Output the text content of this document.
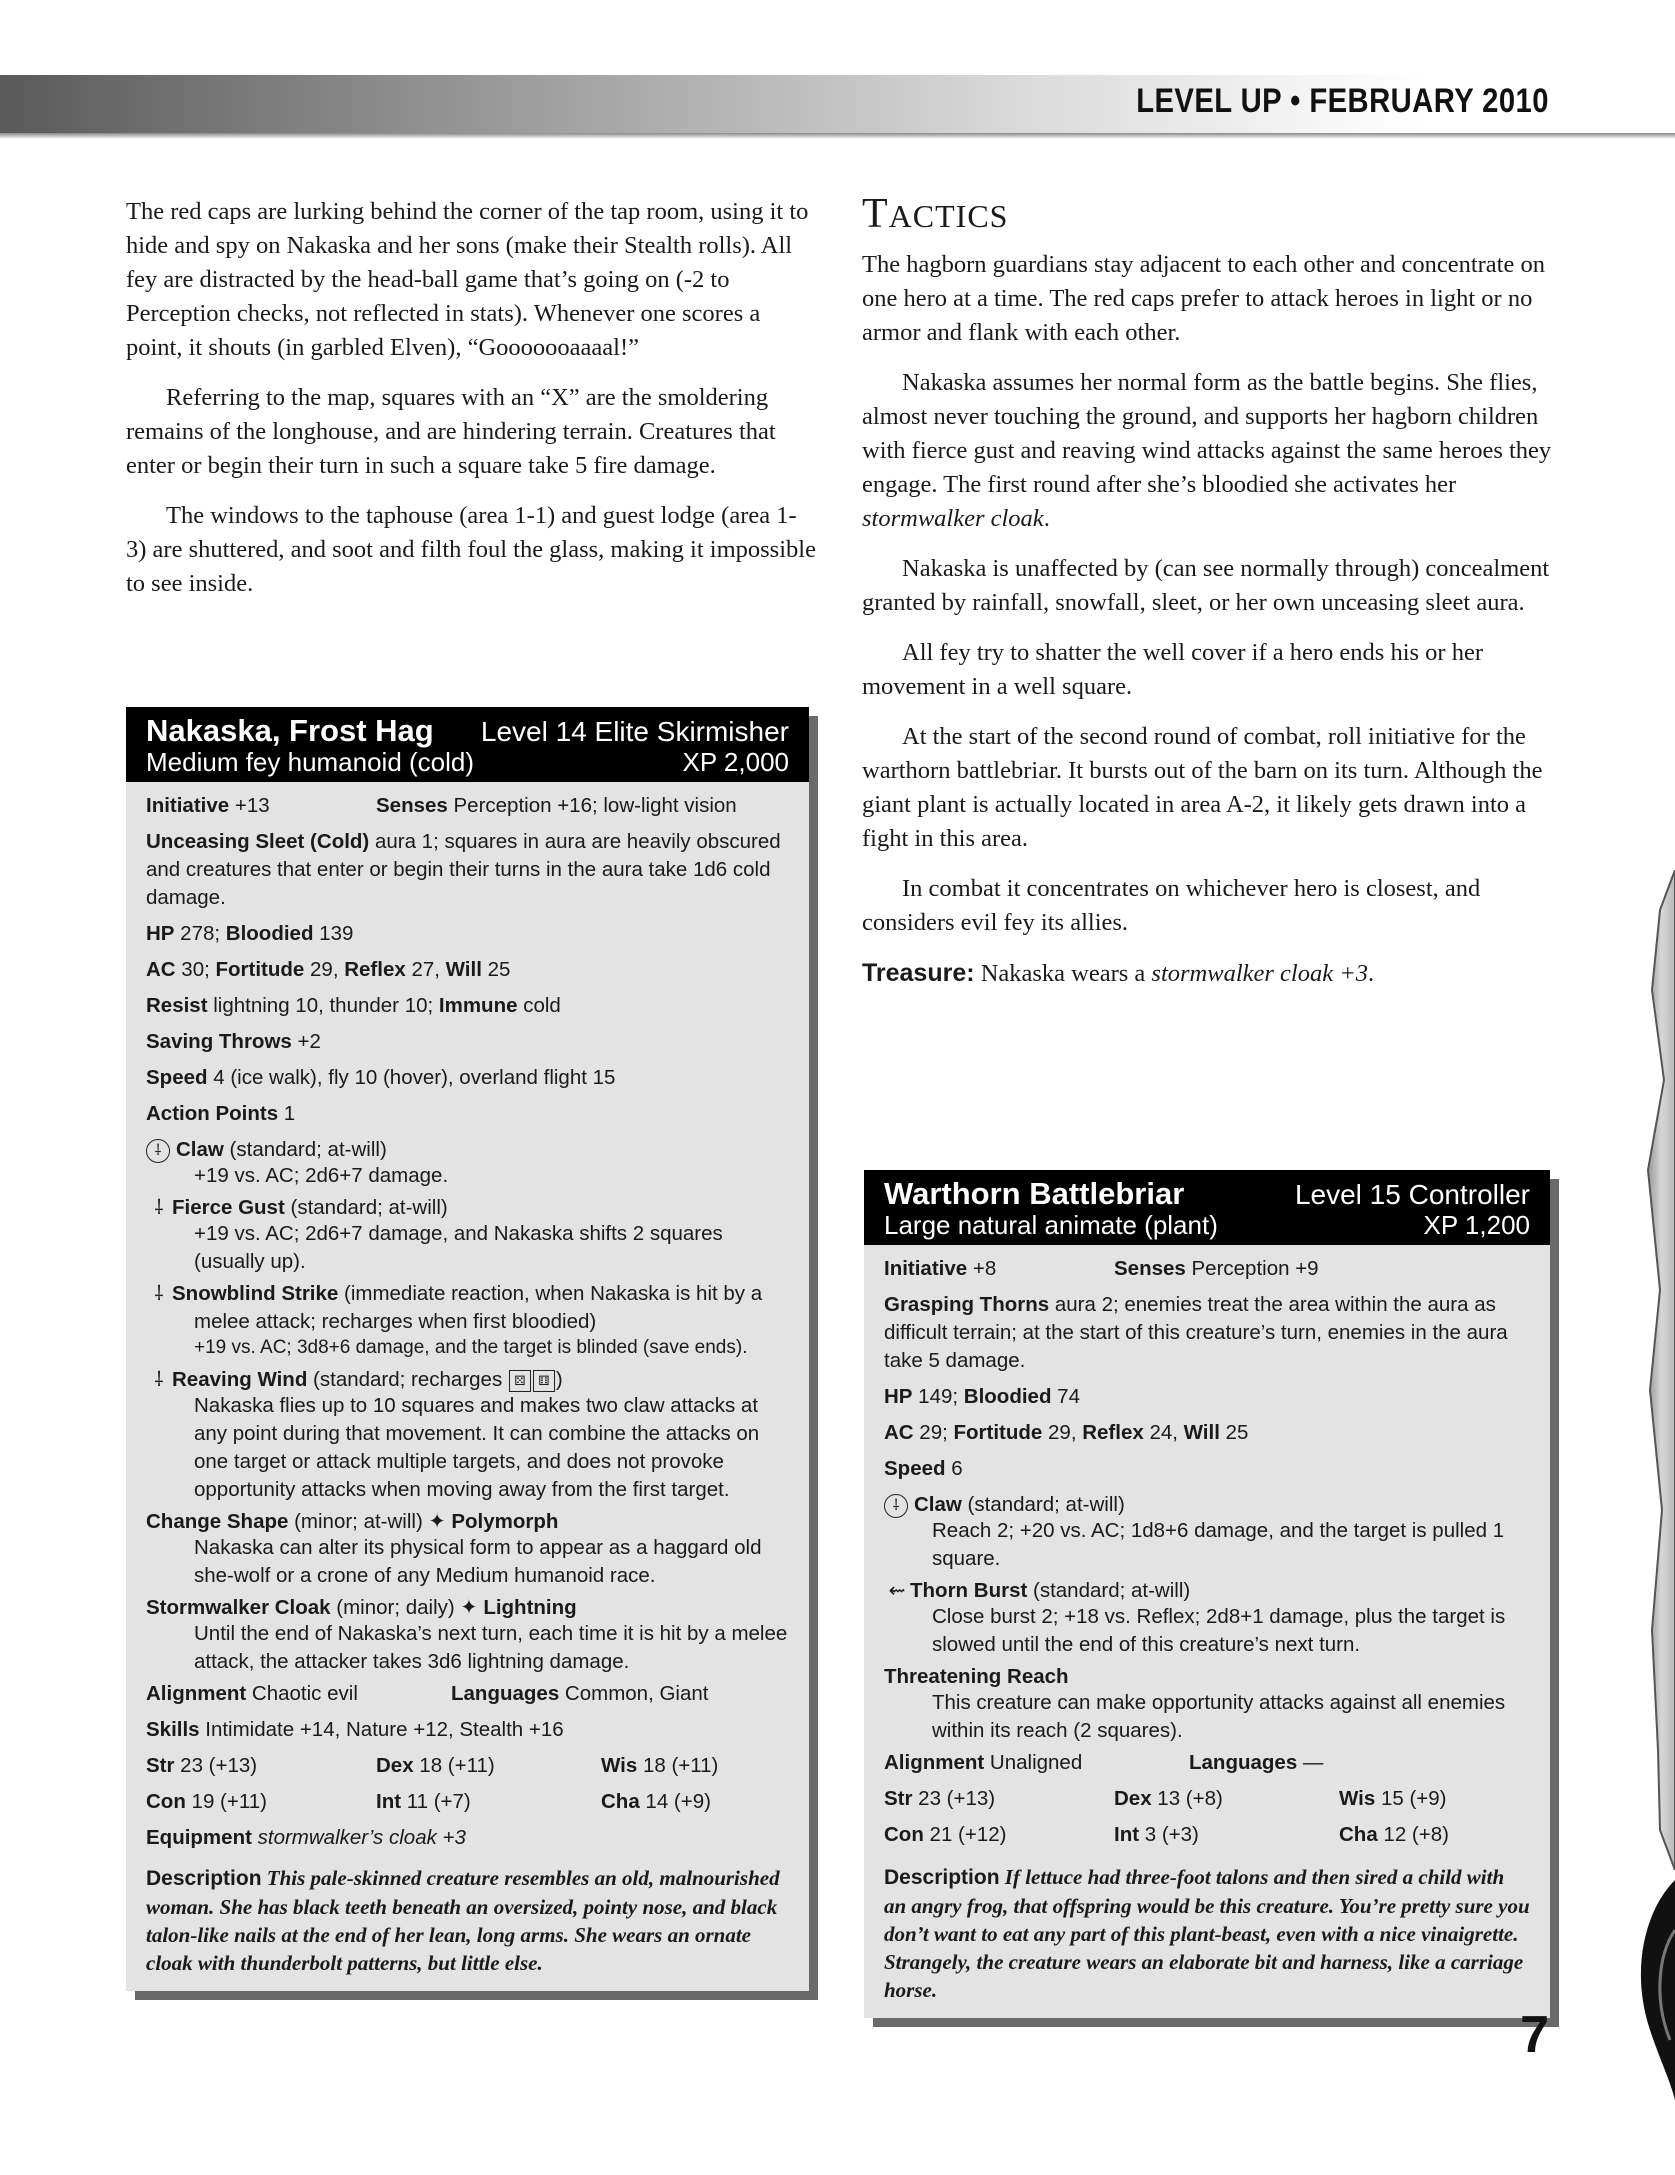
LEVEL UP • FEBRUARY 2010

The red caps are lurking behind the corner of the tap room, using it to hide and spy on Nakaska and her sons (make their Stealth rolls). All fey are distracted by the head-ball game that’s going on (-2 to Perception checks, not reflected in stats). Whenever one scores a point, it shouts (in garbled Elven), “Gooooooaaaal!”

Referring to the map, squares with an “X” are the smoldering remains of the longhouse, and are hindering terrain. Creatures that enter or begin their turn in such a square take 5 fire damage.

The windows to the taphouse (area 1-1) and guest lodge (area 1-3) are shuttered, and soot and filth foul the glass, making it impossible to see inside.

TACTICS

The hagborn guardians stay adjacent to each other and concentrate on one hero at a time. The red caps prefer to attack heroes in light or no armor and flank with each other.

Nakaska assumes her normal form as the battle begins. She flies, almost never touching the ground, and supports her hagborn children with fierce gust and reaving wind attacks against the same heroes they engage. The first round after she’s bloodied she activates her stormwalker cloak.

Nakaska is unaffected by (can see normally through) concealment granted by rainfall, snowfall, sleet, or her own unceasing sleet aura.

All fey try to shatter the well cover if a hero ends his or her movement in a well square.

At the start of the second round of combat, roll initiative for the warthorn battlebriar. It bursts out of the barn on its turn. Although the giant plant is actually located in area A-2, it likely gets drawn into a fight in this area.

In combat it concentrates on whichever hero is closest, and considers evil fey its allies.

Treasure: Nakaska wears a stormwalker cloak +3.

Nakaska, Frost Hag Level 14 Elite Skirmisher
Medium fey humanoid (cold)	XP 2,000
Initiative +13	Senses Perception +16; low-light vision
Unceasing Sleet (Cold) aura 1; squares in aura are heavily obscured and creatures that enter or begin their turns in the aura take 1d6 cold damage.
HP 278; Bloodied 139
AC 30; Fortitude 29, Reflex 27, Will 25
Resist lightning 10, thunder 10; Immune cold
Saving Throws +2
Speed 4 (ice walk), fly 10 (hover), overland flight 15
Action Points 1
⸸ Claw (standard; at-will)
+19 vs. AC; 2d6+7 damage.
⸸ Fierce Gust (standard; at-will)
+19 vs. AC; 2d6+7 damage, and Nakaska shifts 2 squares (usually up).
⸸ Snowblind Strike (immediate reaction, when Nakaska is hit by a melee attack; recharges when first bloodied)
+19 vs. AC; 3d8+6 damage, and the target is blinded (save ends).
⸸ Reaving Wind (standard; recharges ⚄ ⚅ )
Nakaska flies up to 10 squares and makes two claw attacks at any point during that movement. It can combine the attacks on one target or attack multiple targets, and does not provoke opportunity attacks when moving away from the first target.
Change Shape (minor; at-will) ✦ Polymorph
Nakaska can alter its physical form to appear as a haggard old she-wolf or a crone of any Medium humanoid race.
Stormwalker Cloak (minor; daily) ✦ Lightning
Until the end of Nakaska’s next turn, each time it is hit by a melee attack, the attacker takes 3d6 lightning damage.
Alignment Chaotic evil	Languages Common, Giant
Skills Intimidate +14, Nature +12, Stealth +16
Str 23 (+13)	Dex 18 (+11)	Wis 18 (+11)
Con 19 (+11)	Int 11 (+7)	Cha 14 (+9)
Equipment stormwalker’s cloak +3
Description This pale-skinned creature resembles an old, malnourished woman. She has black teeth beneath an oversized, pointy nose, and black talon-like nails at the end of her lean, long arms. She wears an ornate cloak with thunderbolt patterns, but little else.
Warthorn Battlebriar	Level 15 Controller
Large natural animate (plant)	XP 1,200
Initiative +8	Senses Perception +9
Grasping Thorns aura 2; enemies treat the area within the aura as difficult terrain; at the start of this creature’s turn, enemies in the aura take 5 damage.
HP 149; Bloodied 74
AC 29; Fortitude 29, Reflex 24, Will 25
Speed 6
⸸ Claw (standard; at-will)
Reach 2; +20 vs. AC; 1d8+6 damage, and the target is pulled 1 square.
⇜ Thorn Burst (standard; at-will)
Close burst 2; +18 vs. Reflex; 2d8+1 damage, plus the target is slowed until the end of this creature’s next turn.
Threatening Reach
This creature can make opportunity attacks against all enemies within its reach (2 squares).
Alignment Unaligned	Languages —
Str 23 (+13)	Dex 13 (+8)	Wis 15 (+9)
Con 21 (+12)	Int 3 (+3)	Cha 12 (+8)
Description If lettuce had three-foot talons and then sired a child with an angry frog, that offspring would be this creature. You’re pretty sure you don’t want to eat any part of this plant-beast, even with a nice vinaigrette. Strangely, the creature wears an elaborate bit and harness, like a carriage horse.
7
